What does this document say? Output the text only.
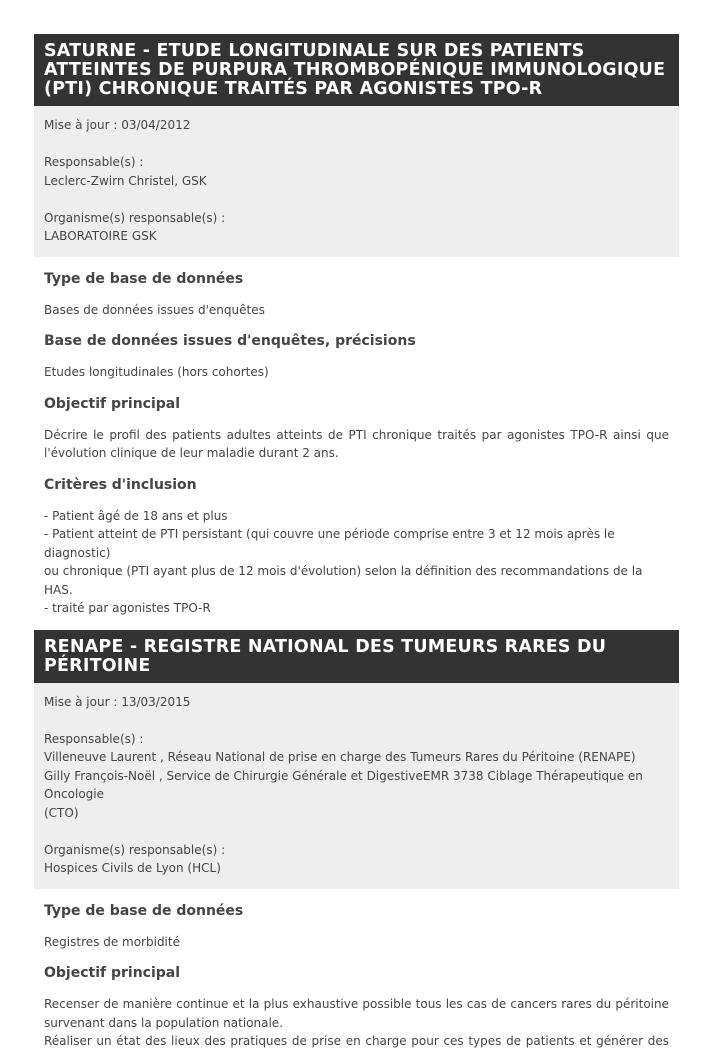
SATURNE - ETUDE LONGITUDINALE SUR DES PATIENTS
ATTEINTES DE PURPURA THROMBOPÉNIQUE IMMUNOLOGIQUE
(PTI) CHRONIQUE TRAITÉS PAR AGONISTES TPO-R
Mise à jour : 03/04/2012
Responsable(s) :
Leclerc-Zwirn Christel, GSK
Organisme(s) responsable(s) :
LABORATOIRE GSK
Type de base de données

Bases de données issues d'enquêtes

Base de données issues d'enquêtes, précisions

Etudes longitudinales (hors cohortes)

Objectif principal

Décrire le profil des patients adultes atteints de PTI chronique traités par agonistes TPO-R ainsi que
l'évolution clinique de leur maladie durant 2 ans.

Critères d'inclusion

- Patient âgé de 18 ans et plus
- Patient atteint de PTI persistant (qui couvre une période comprise entre 3 et 12 mois après le diagnostic)
ou chronique (PTI ayant plus de 12 mois d'évolution) selon la définition des recommandations de la HAS.
- traité par agonistes TPO-R

RENAPE - REGISTRE NATIONAL DES TUMEURS RARES DU
PÉRITOINE
Mise à jour : 13/03/2015
Responsable(s) :
Villeneuve Laurent , Réseau National de prise en charge des Tumeurs Rares du Péritoine (RENAPE)
Gilly François-Noël , Service de Chirurgie Générale et DigestiveEMR 3738 Ciblage Thérapeutique en Oncologie
(CTO)
Organisme(s) responsable(s) :
Hospices Civils de Lyon (HCL)
Type de base de données

Registres de morbidité

Objectif principal

Recenser de manière continue et la plus exhaustive possible tous les cas de cancers rares du péritoine
survenant dans la population nationale.
Réaliser un état des lieux des pratiques de prise en charge pour ces types de patients et générer des
